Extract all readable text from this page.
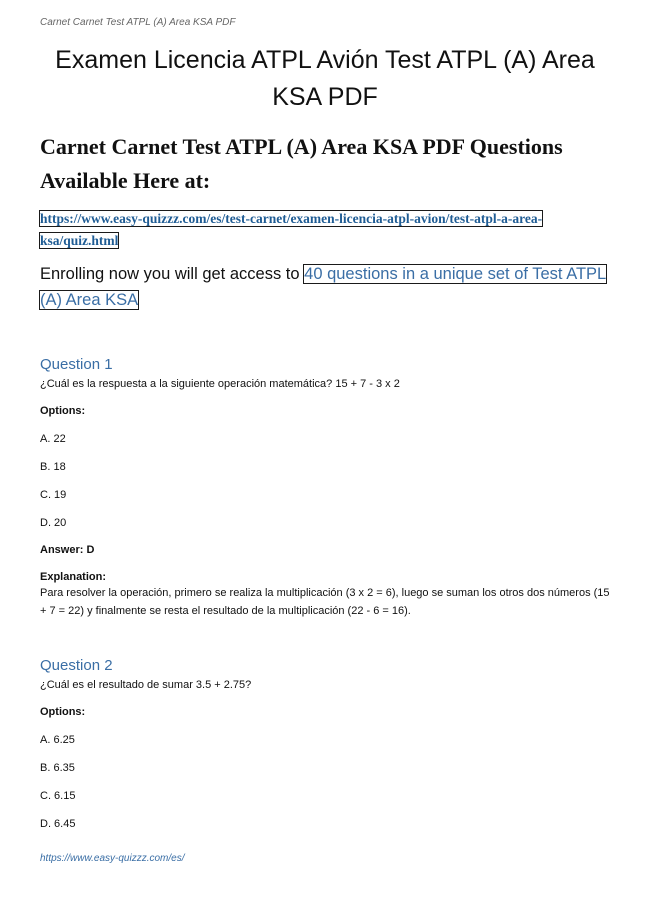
Carnet Carnet Test ATPL (A) Area KSA PDF
Examen Licencia ATPL Avión Test ATPL (A) Area KSA PDF
Carnet Carnet Test ATPL (A) Area KSA PDF Questions Available Here at:
https://www.easy-quizzz.com/es/test-carnet/examen-licencia-atpl-avion/test-atpl-a-area-ksa/quiz.html
Enrolling now you will get access to 40 questions in a unique set of Test ATPL (A) Area KSA
Question 1
¿Cuál es la respuesta a la siguiente operación matemática? 15 + 7 - 3 x 2
Options:
A. 22
B. 18
C. 19
D. 20
Answer: D
Explanation:
Para resolver la operación, primero se realiza la multiplicación (3 x 2 = 6), luego se suman los otros dos números (15 + 7 = 22) y finalmente se resta el resultado de la multiplicación (22 - 6 = 16).
Question 2
¿Cuál es el resultado de sumar 3.5 + 2.75?
Options:
A. 6.25
B. 6.35
C. 6.15
D. 6.45
https://www.easy-quizzz.com/es/
